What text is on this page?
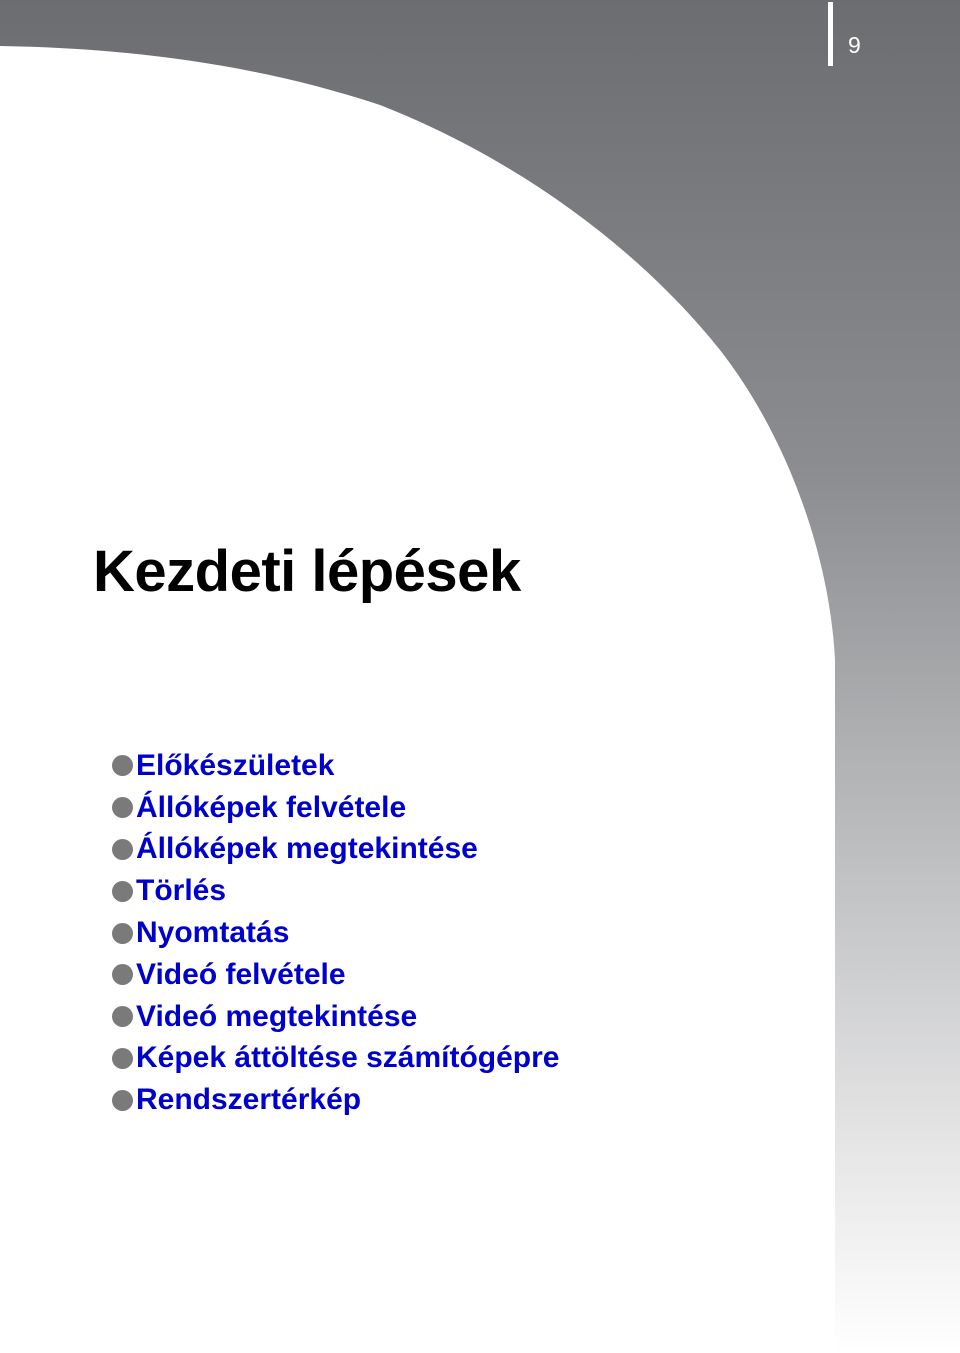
9
Kezdeti lépések
Előkészületek
Állóképek felvétele
Állóképek megtekintése
Törlés
Nyomtatás
Videó felvétele
Videó megtekintése
Képek áttöltése számítógépre
Rendszertérkép
